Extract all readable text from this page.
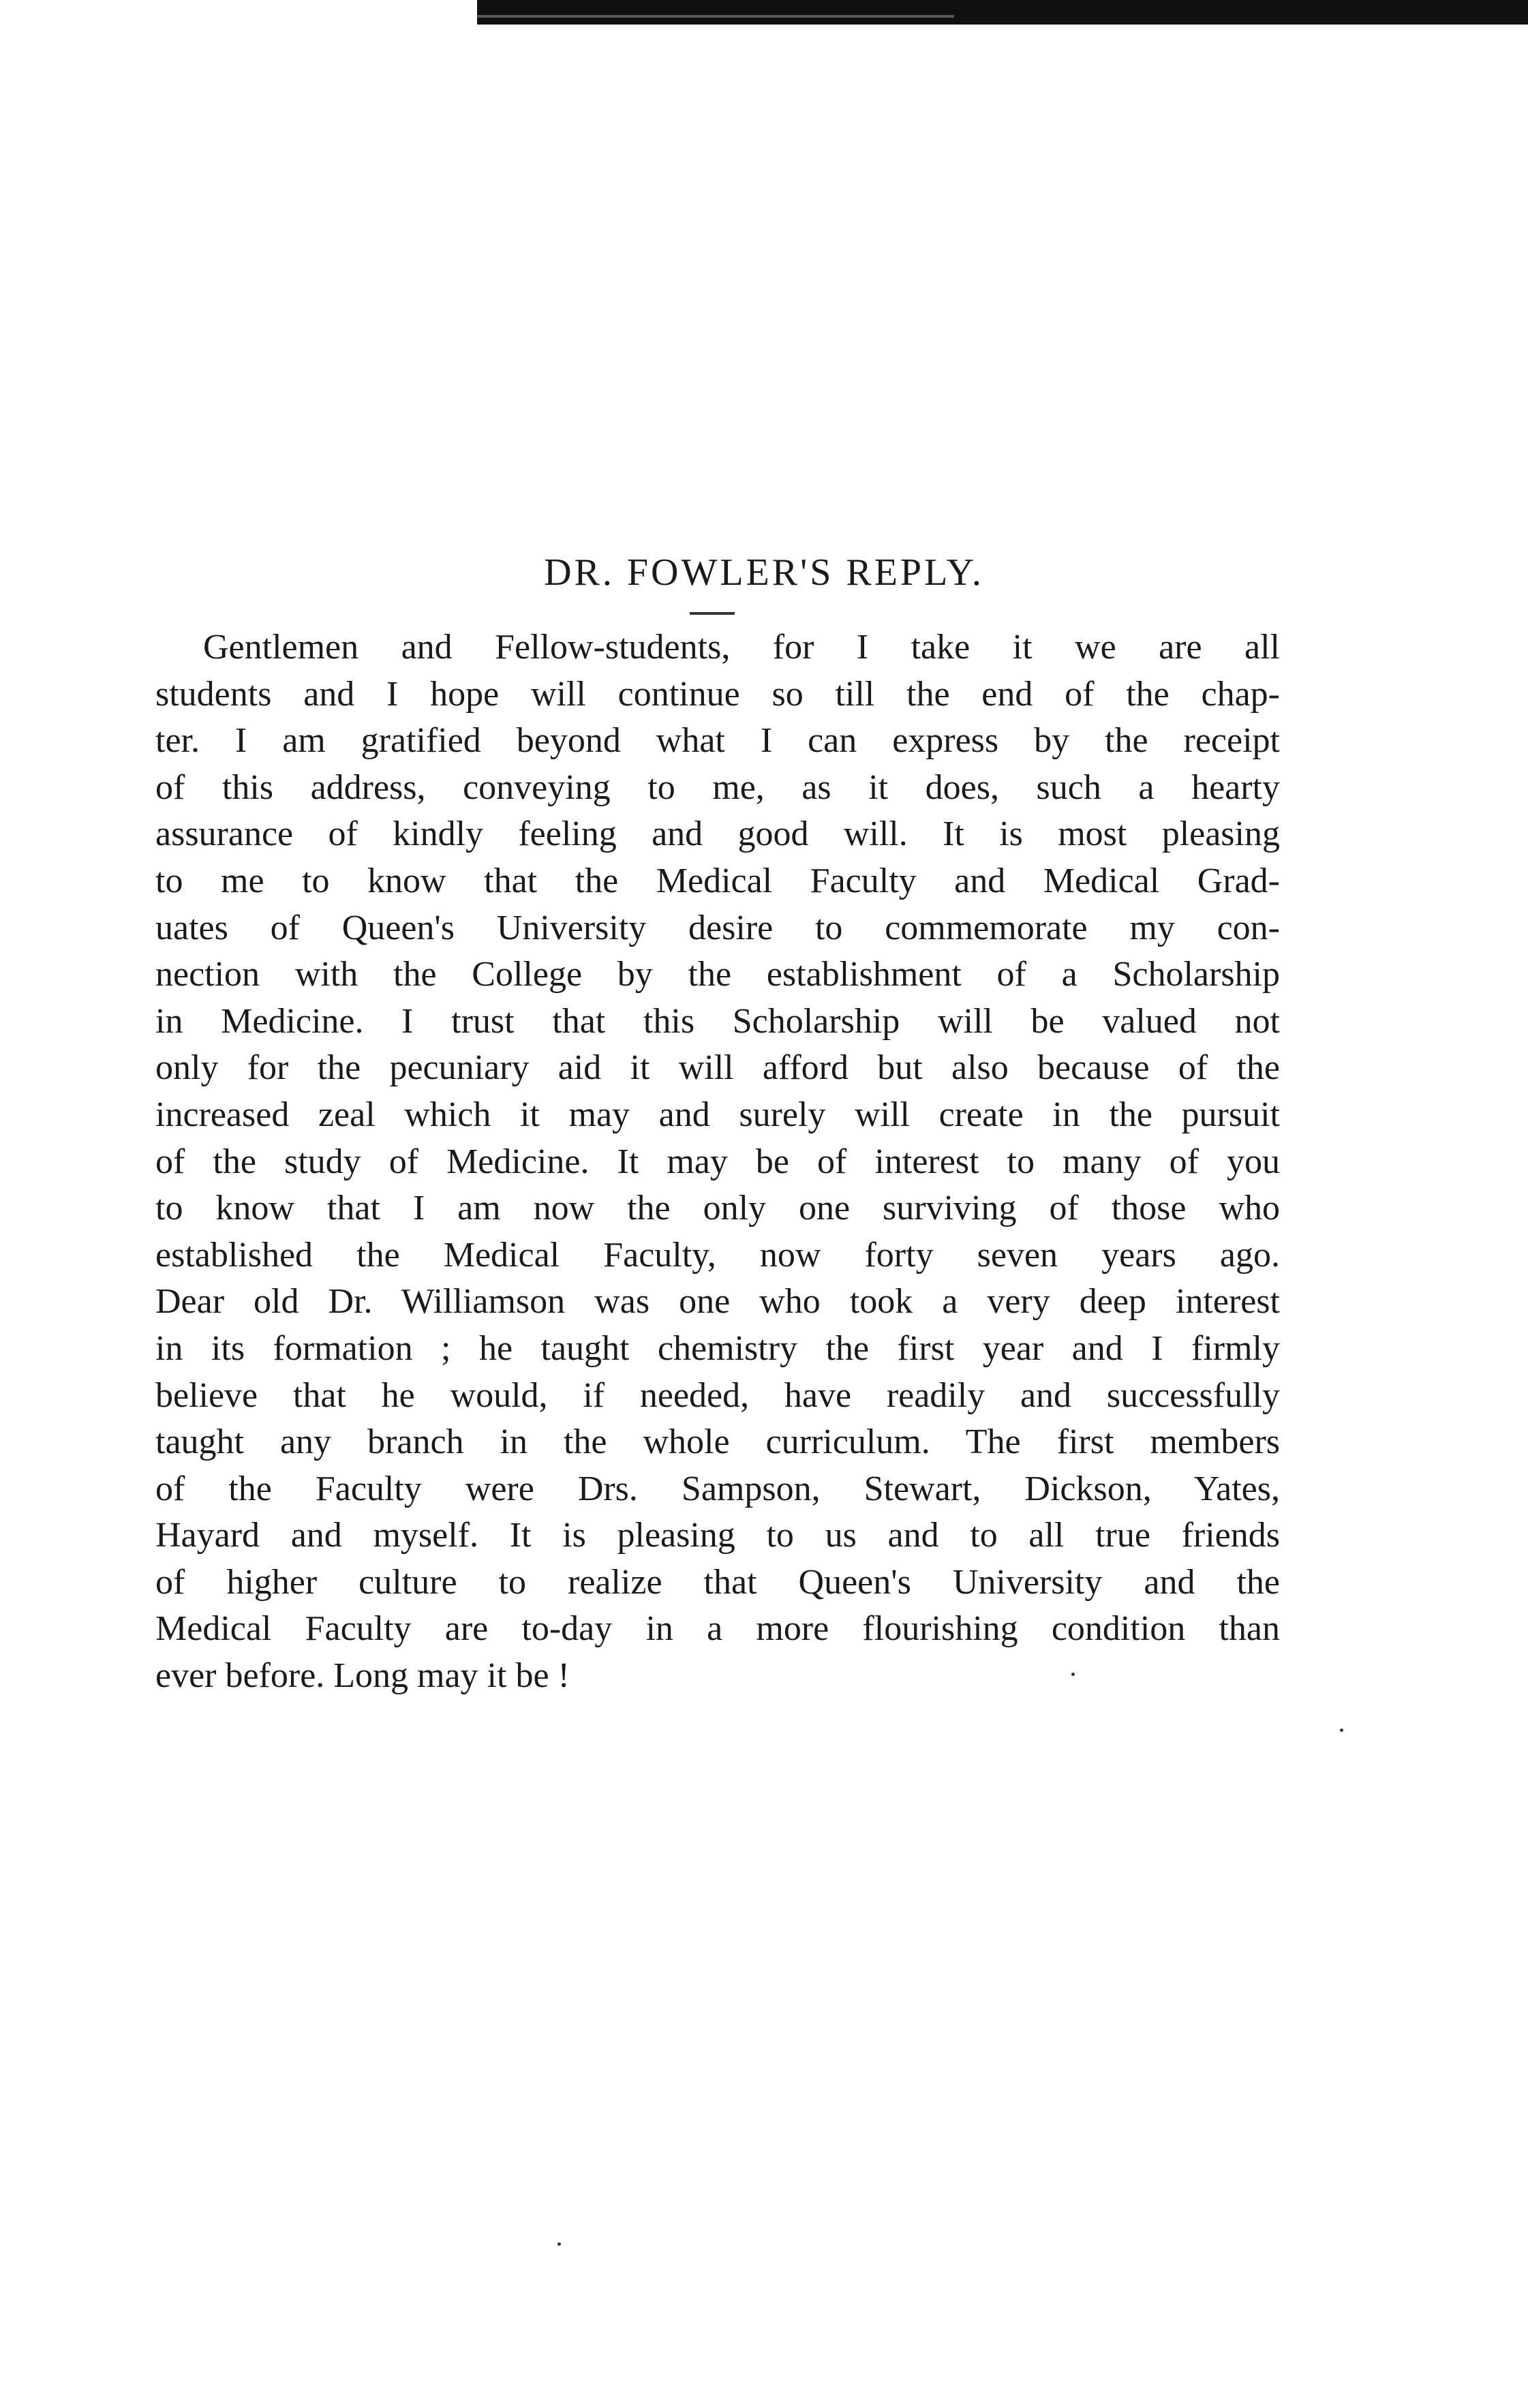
DR. FOWLER'S REPLY.
Gentlemen and Fellow-students, for I take it we are all
students and I hope will continue so till the end of the chap-
ter. I am gratified beyond what I can express by the receipt
of this address, conveying to me, as it does, such a hearty
assurance of kindly feeling and good will. It is most pleasing
to me to know that the Medical Faculty and Medical Grad-
uates of Queen's University desire to commemorate my con-
nection with the College by the establishment of a Scholarship
in Medicine. I trust that this Scholarship will be valued not
only for the pecuniary aid it will afford but also because of the
increased zeal which it may and surely will create in the pursuit
of the study of Medicine. It may be of interest to many of you
to know that I am now the only one surviving of those who
established the Medical Faculty, now forty seven years ago.
Dear old Dr. Williamson was one who took a very deep interest
in its formation ; he taught chemistry the first year and I firmly
believe that he would, if needed, have readily and successfully
taught any branch in the whole curriculum. The first members
of the Faculty were Drs. Sampson, Stewart, Dickson, Yates,
Hayard and myself. It is pleasing to us and to all true friends
of higher culture to realize that Queen's University and the
Medical Faculty are to-day in a more flourishing condition than
ever before. Long may it be !
